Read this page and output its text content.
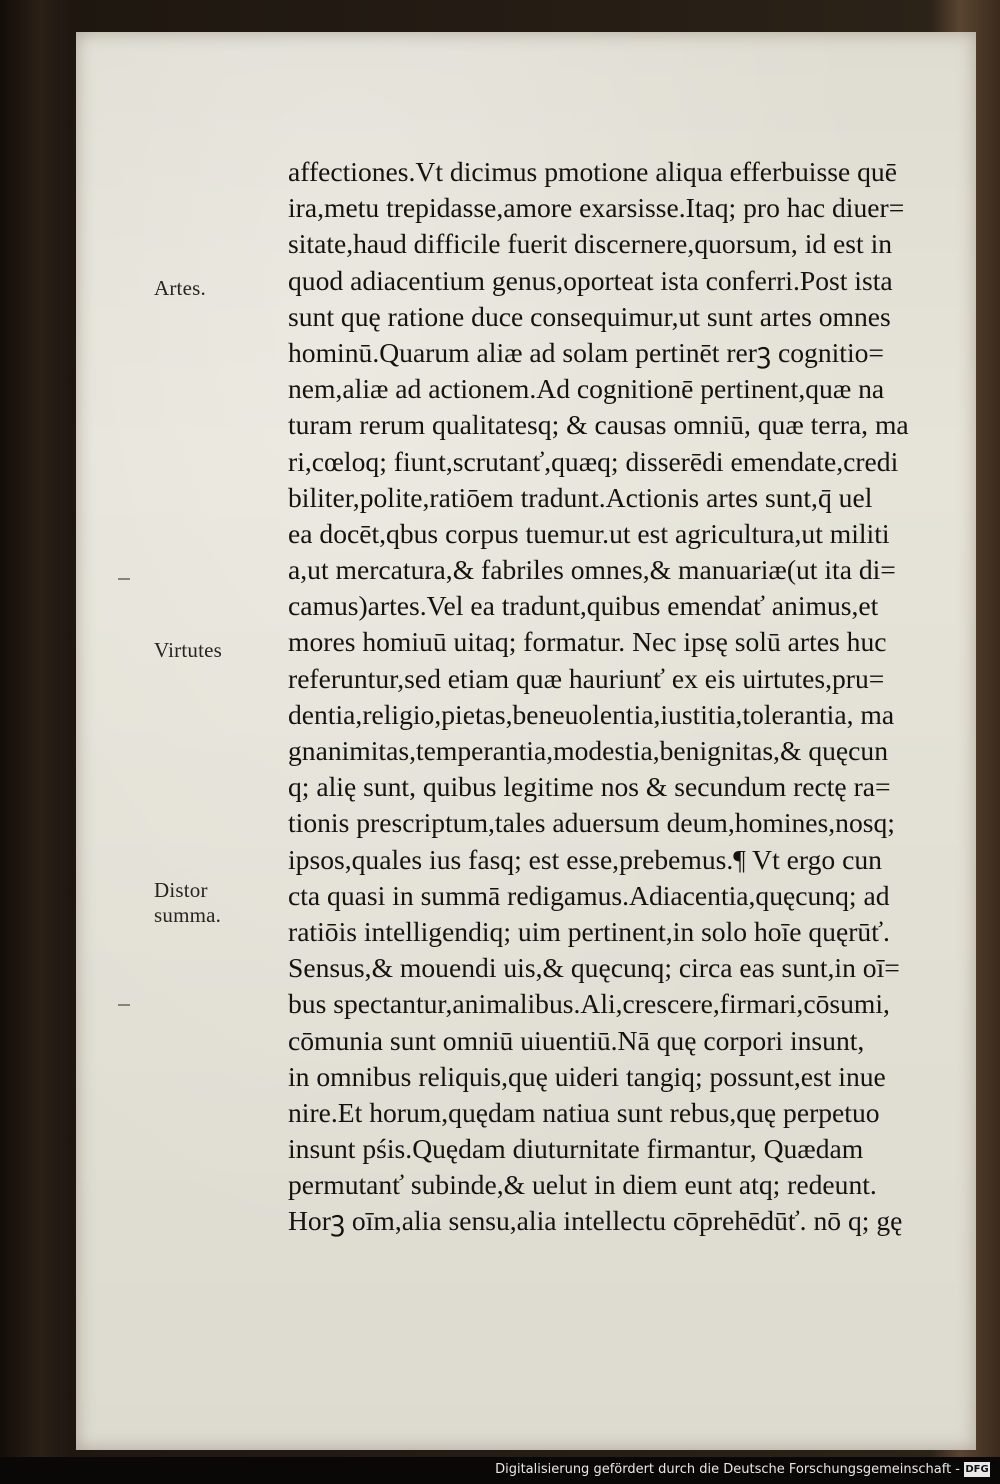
Artes.
Virtutes
Distor
summa.
affectiones.Vt dicimus pmotione aliqua efferbuisse quē
ira,metu trepidasse,amore exarsisse.Itaq; pro hac diuer=
sitate,haud difficile fuerit discernere,quorsum, id est in
quod adiacentium genus,oporteat ista conferri.Post ista
sunt quę ratione duce consequimur,ut sunt artes omnes
hominū.Quarum aliæ ad solam pertinēt rerꝫ cognitio=
nem,aliæ ad actionem.Ad cognitionē pertinent,quæ na
turam rerum qualitatesq; & causas omniū, quæ terra, ma
ri,cœloq; fiunt,scrutanť,quæq; disserēdi emendate,credi
biliter,polite,ratiōem tradunt.Actionis artes sunt,q̄ uel
ea docēt,qbus corpus tuemur.ut est agricultura,ut militi
a,ut mercatura,& fabriles omnes,& manuariæ(ut ita di=
camus)artes.Vel ea tradunt,quibus emendať animus,et
mores homiuū uitaq; formatur. Nec ipsę solū artes huc
referuntur,sed etiam quæ hauriunť ex eis uirtutes,pru=
dentia,religio,pietas,beneuolentia,iustitia,tolerantia, ma
gnanimitas,temperantia,modestia,benignitas,& quęcun
q; alię sunt, quibus legitime nos & secundum rectę ra=
tionis prescriptum,tales aduersum deum,homines,nosq;
ipsos,quales ius fasq; est esse,prebemus.¶ Vt ergo cun
cta quasi in summā redigamus.Adiacentia,quęcunq; ad
ratiōis intelligendiq; uim pertinent,in solo hoīe quęrūť.
Sensus,& mouendi uis,& quęcunq; circa eas sunt,in oī=
bus spectantur,animalibus.Ali,crescere,firmari,cōsumi,
cōmunia sunt omniū uiuentiū.Nā quę corpori insunt,
in omnibus reliquis,quę uideri tangiq; possunt,est inue
nire.Et horum,quędam natiua sunt rebus,quę perpetuo
insunt pśis.Quędam diuturnitate firmantur, Quædam
permutanť subinde,& uelut in diem eunt atq; redeunt.
Horꝫ oīm,alia sensu,alia intellectu cōprehēdūť. nō q; gę
Digitalisierung gefördert durch die Deutsche Forschungsgemeinschaft - DFG
